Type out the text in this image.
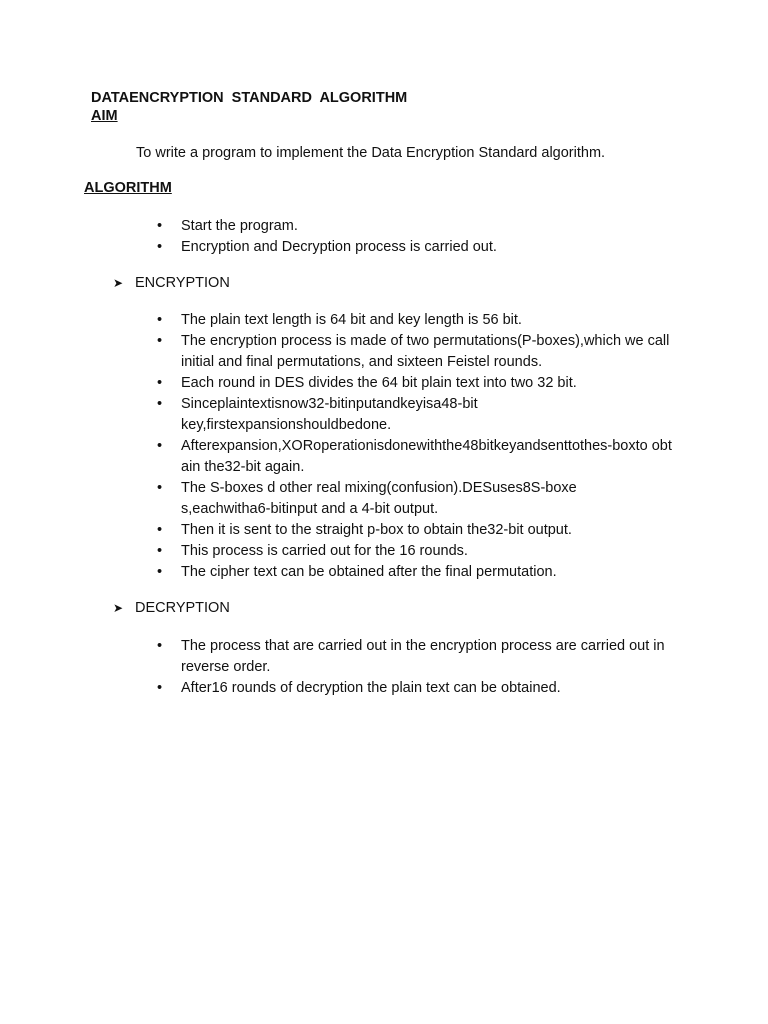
DATAENCRYPTION STANDARD ALGORITHM
AIM
To write a program to implement the Data Encryption Standard algorithm.
ALGORITHM
• Start the program.
• Encryption and Decryption process is carried out.
➤ ENCRYPTION
• The plain text length is 64 bit and key length is 56 bit.
• The encryption process is made of two permutations(P-boxes),which we call initial and final permutations, and sixteen Feistel rounds.
• Each round in DES divides the 64 bit plain text into two 32 bit.
• Sinceplaintextisnow32-bitinputandkeyisa48-bitkey,firstexpansionshouldbedone.
• Afterexpansion,XORoperationisdonewiththe48bitkeyandsenttothes-boxto obtain the32-bit again.
• The S-boxes d other real mixing(confusion).DESuses8S-boxes,eachwitha6-bitinput and a 4-bit output.
• Then it is sent to the straight p-box to obtain the32-bit output.
• This process is carried out for the 16 rounds.
• The cipher text can be obtained after the final permutation.
➤ DECRYPTION
• The process that are carried out in the encryption process are carried out in reverse order.
• After16 rounds of decryption the plain text can be obtained.
